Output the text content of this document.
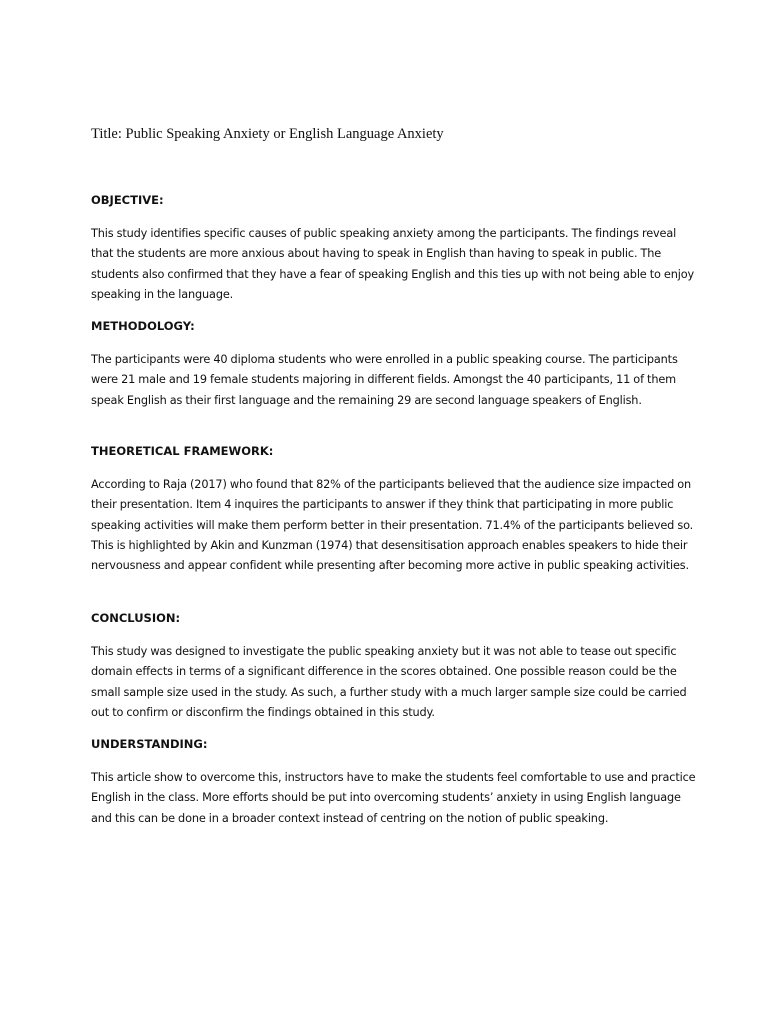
Title: Public Speaking Anxiety or English Language Anxiety

OBJECTIVE:

This study identifies specific causes of public speaking anxiety among the participants. The findings reveal that the students are more anxious about having to speak in English than having to speak in public. The students also confirmed that they have a fear of speaking English and this ties up with not being able to enjoy speaking in the language.

METHODOLOGY:

The participants were 40 diploma students who were enrolled in a public speaking course. The participants were 21 male and 19 female students majoring in different fields. Amongst the 40 participants, 11 of them speak English as their first language and the remaining 29 are second language speakers of English.

THEORETICAL FRAMEWORK:

According to Raja (2017) who found that 82% of the participants believed that the audience size impacted on their presentation. Item 4 inquires the participants to answer if they think that participating in more public speaking activities will make them perform better in their presentation. 71.4% of the participants believed so. This is highlighted by Akin and Kunzman (1974) that desensitisation approach enables speakers to hide their nervousness and appear confident while presenting after becoming more active in public speaking activities.

CONCLUSION:

This study was designed to investigate the public speaking anxiety but it was not able to tease out specific domain effects in terms of a significant difference in the scores obtained. One possible reason could be the small sample size used in the study. As such, a further study with a much larger sample size could be carried out to confirm or disconfirm the findings obtained in this study.

UNDERSTANDING:

This article show to overcome this, instructors have to make the students feel comfortable to use and practice English in the class. More efforts should be put into overcoming students’ anxiety in using English language and this can be done in a broader context instead of centring on the notion of public speaking.
